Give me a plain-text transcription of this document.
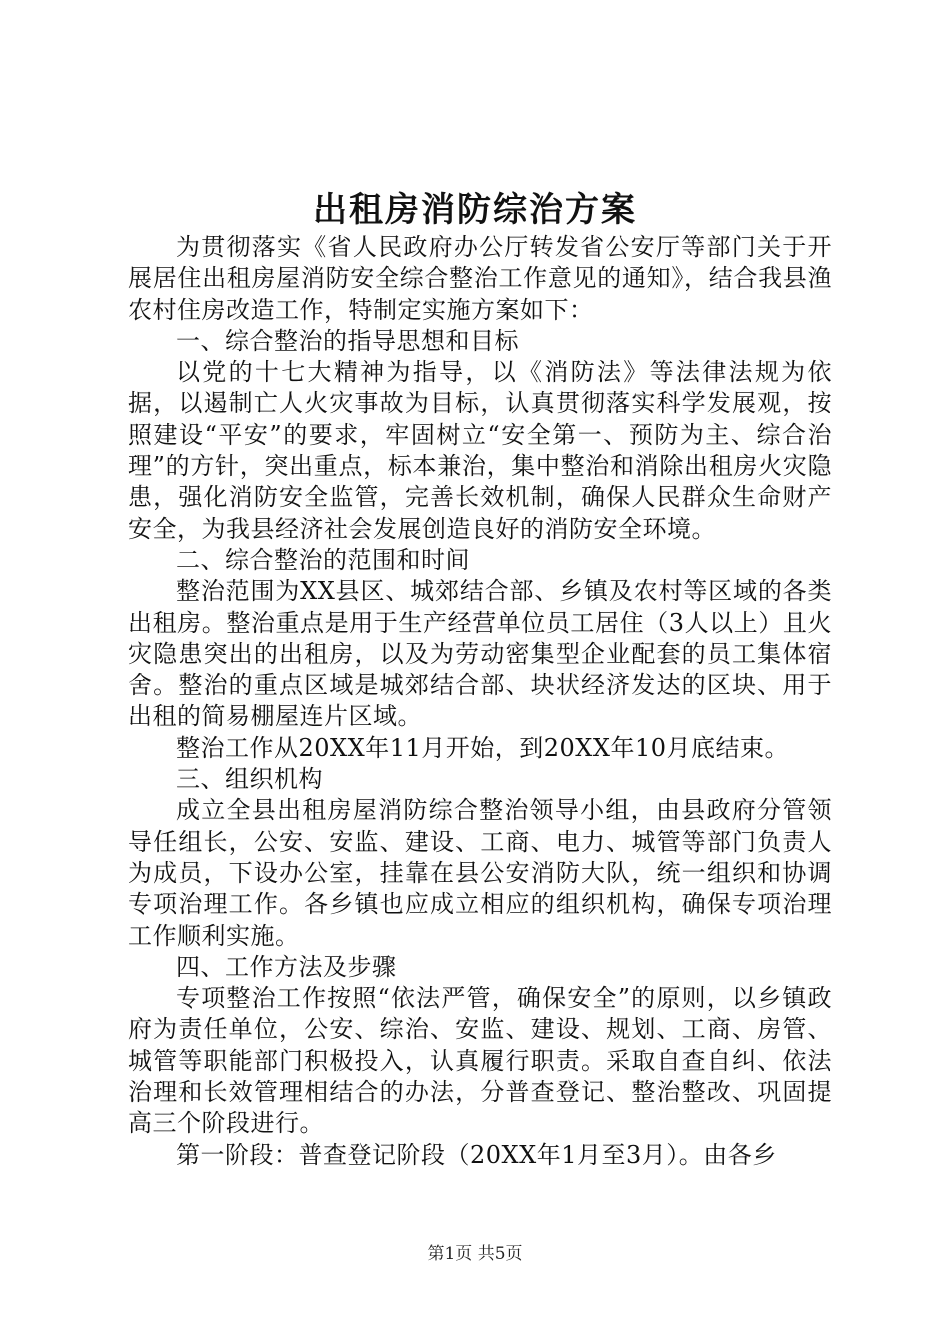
出租房消防综治方案

为贯彻落实《省人民政府办公厅转发省公安厅等部门关于开展居住出租房屋消防安全综合整治工作意见的通知》，结合我县渔农村住房改造工作，特制定实施方案如下：

一、综合整治的指导思想和目标

以党的十七大精神为指导，以《消防法》等法律法规为依据，以遏制亡人火灾事故为目标，认真贯彻落实科学发展观，按照建设“平安”的要求，牢固树立“安全第一、预防为主、综合治理”的方针，突出重点，标本兼治，集中整治和消除出租房火灾隐患，强化消防安全监管，完善长效机制，确保人民群众生命财产安全，为我县经济社会发展创造良好的消防安全环境。

二、综合整治的范围和时间

整治范围为XX县区、城郊结合部、乡镇及农村等区域的各类出租房。整治重点是用于生产经营单位员工居住（3人以上）且火灾隐患突出的出租房，以及为劳动密集型企业配套的员工集体宿舍。整治的重点区域是城郊结合部、块状经济发达的区块、用于出租的简易棚屋连片区域。

整治工作从20XX年11月开始，到20XX年10月底结束。

三、组织机构

成立全县出租房屋消防综合整治领导小组，由县政府分管领导任组长，公安、安监、建设、工商、电力、城管等部门负责人为成员，下设办公室，挂靠在县公安消防大队，统一组织和协调专项治理工作。各乡镇也应成立相应的组织机构，确保专项治理工作顺利实施。

四、工作方法及步骤

专项整治工作按照“依法严管，确保安全”的原则，以乡镇政府为责任单位，公安、综治、安监、建设、规划、工商、房管、城管等职能部门积极投入，认真履行职责。采取自查自纠、依法治理和长效管理相结合的办法，分普查登记、整治整改、巩固提高三个阶段进行。

第一阶段：普查登记阶段（20XX年1月至3月）。由各乡

第1页 共5页
